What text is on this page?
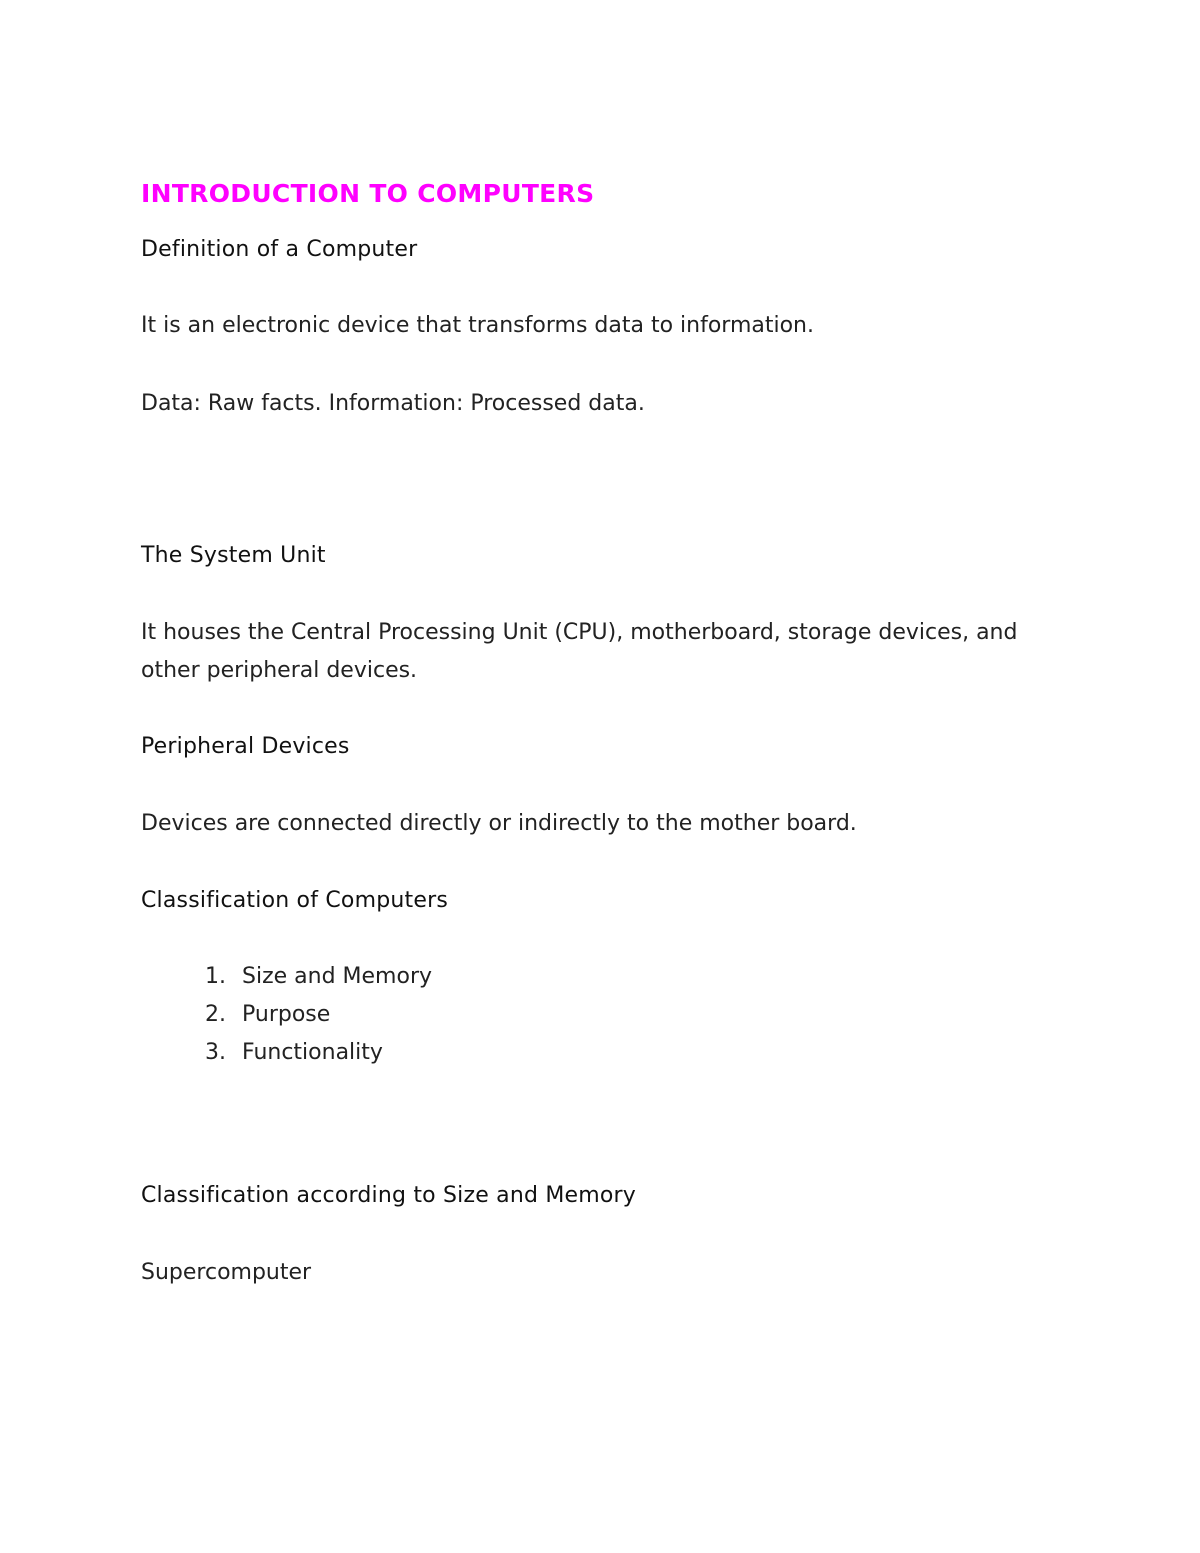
INTRODUCTION TO COMPUTERS
Definition of a Computer

It is an electronic device that transforms data to information.

Data: Raw facts. Information: Processed data.

The System Unit

It houses the Central Processing Unit (CPU), motherboard, storage devices, and other peripheral devices.

Peripheral Devices

Devices are connected directly or indirectly to the mother board.

Classification of Computers
1. Size and Memory
2. Purpose
3. Functionality
Classification according to Size and Memory

Supercomputer
